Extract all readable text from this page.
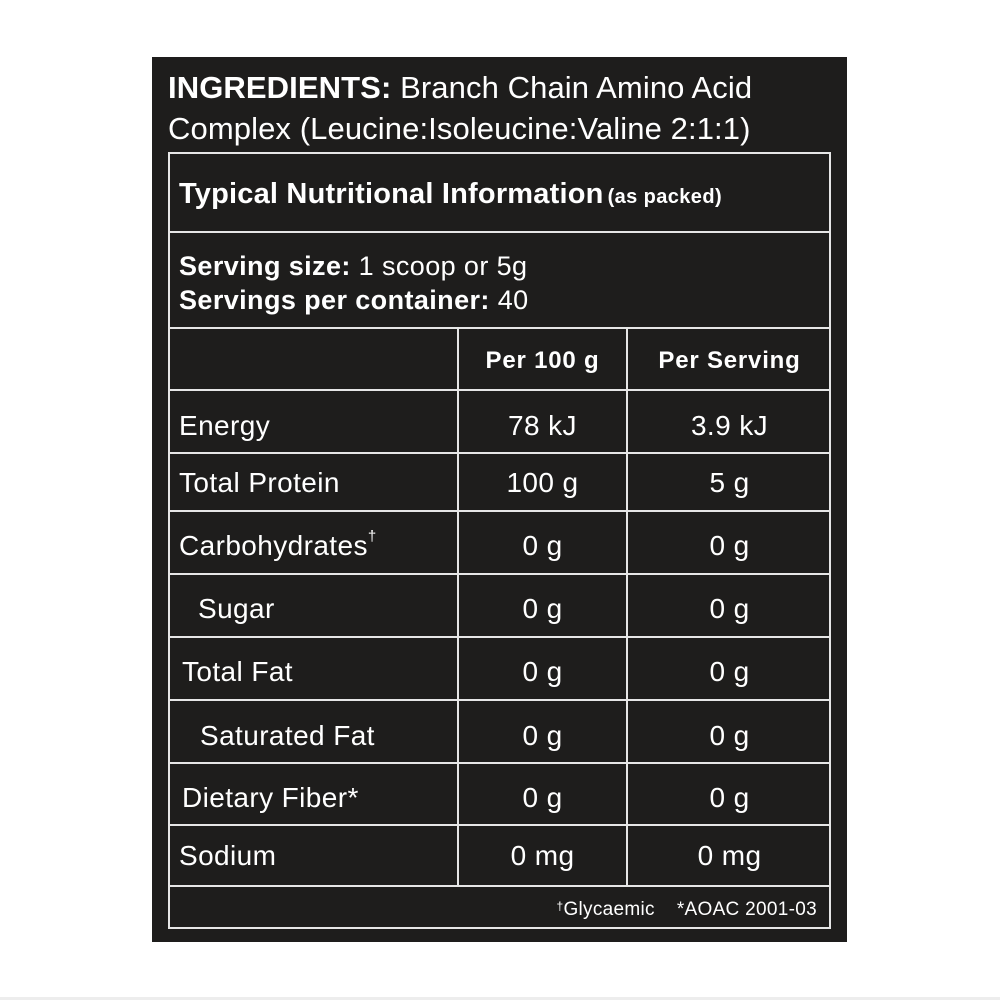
INGREDIENTS: Branch Chain Amino Acid Complex (Leucine:Isoleucine:Valine 2:1:1)
Typical Nutritional Information (as packed)
Serving size: 1 scoop or 5g
Servings per container: 40
Per 100 g	Per Serving
Energy	78 kJ	3.9 kJ
Total Protein	100 g	5 g
Carbohydrates†	0 g	0 g
Sugar	0 g	0 g
Total Fat	0 g	0 g
Saturated Fat	0 g	0 g
Dietary Fiber*	0 g	0 g
Sodium	0 mg	0 mg
†Glycaemic *AOAC 2001-03
